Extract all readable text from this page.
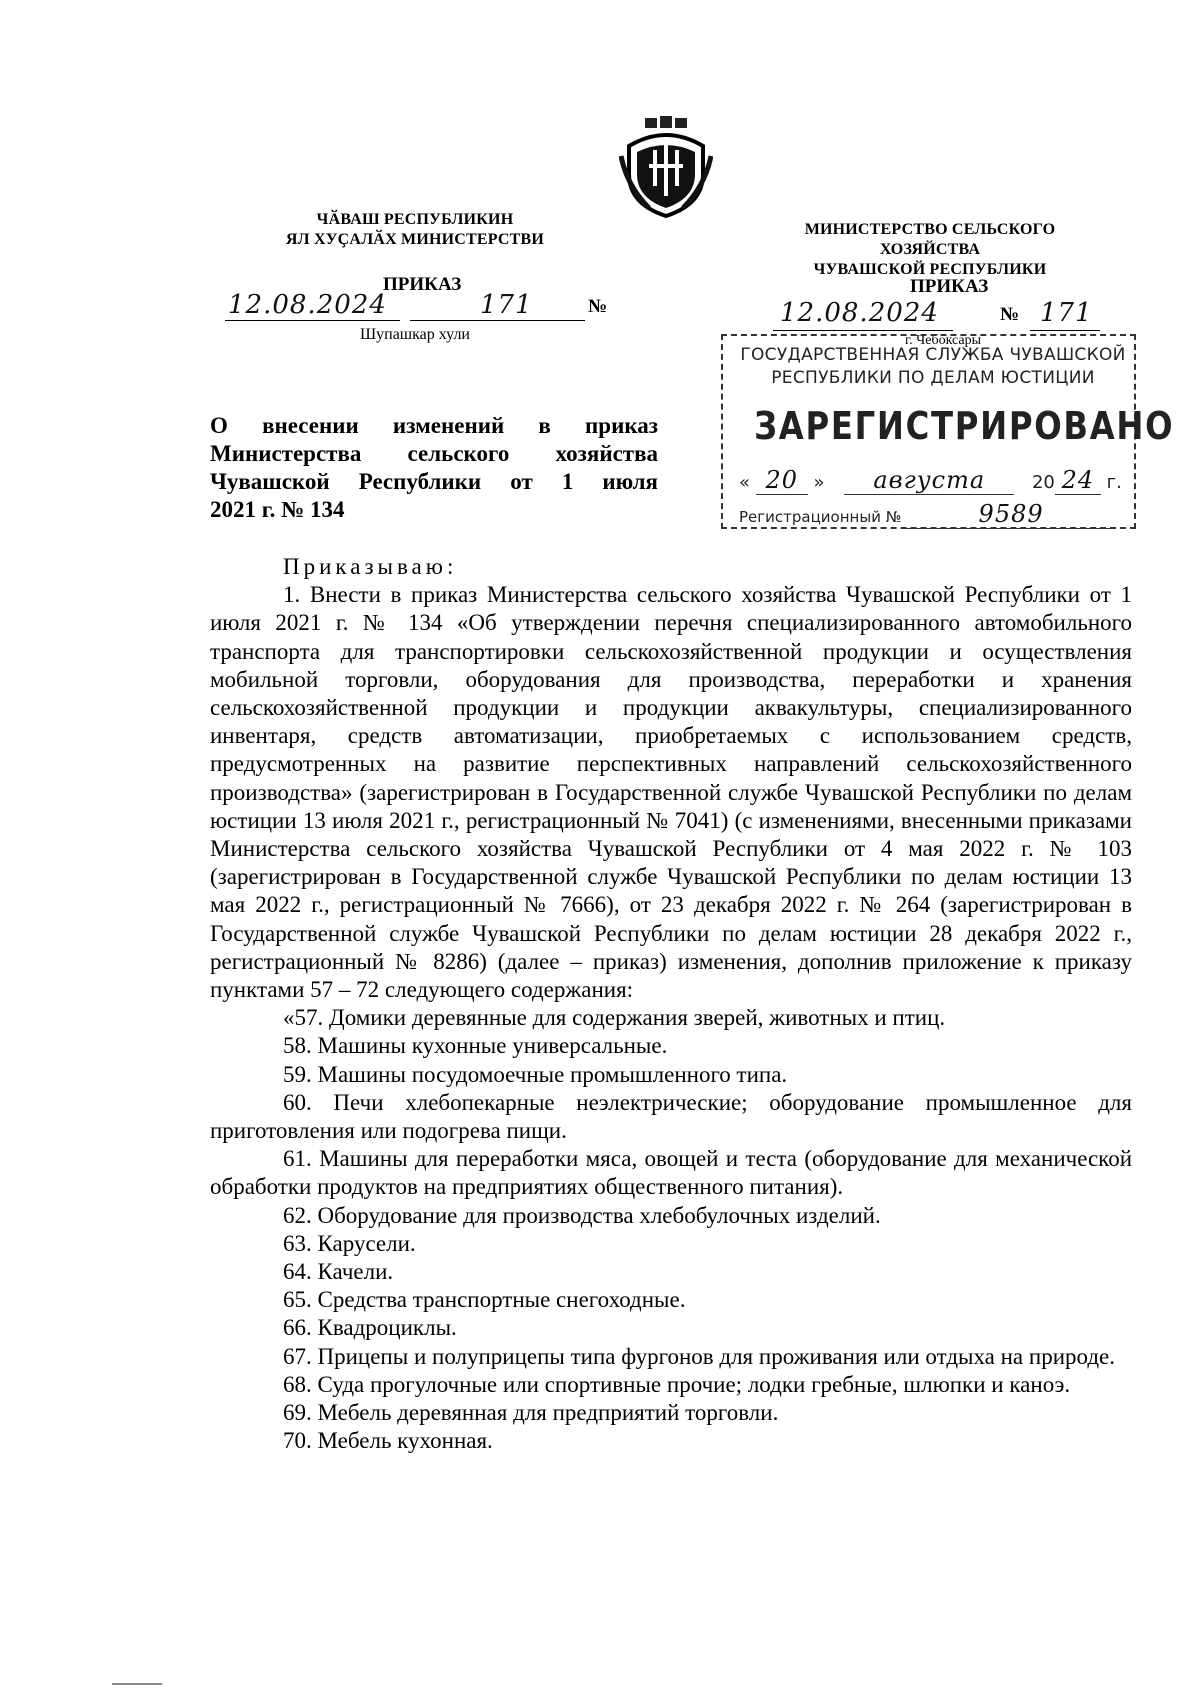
ЧӐВАШ РЕСПУБЛИКИН
ЯЛ ХУҪАЛӐХ МИНИСТЕРСТВИ
ПРИКАЗ
12.08.2024	171	№
Шупашкар хули
МИНИСТЕРСТВО СЕЛЬСКОГО ХОЗЯЙСТВА
ЧУВАШСКОЙ РЕСПУБЛИКИ
ПРИКАЗ
12.08.2024	№ 171
г. Чебоксары
ГОСУДАРСТВЕННАЯ СЛУЖБА ЧУВАШСКОЙ
РЕСПУБЛИКИ ПО ДЕЛАМ ЮСТИЦИИ
ЗАРЕГИСТРИРОВАНО
« 20 » августа	20 24 г.
Регистрационный №	9589
О внесении изменений в приказ
Министерства сельского хозяйства
Чувашской Республики от 1 июля
2021 г. № 134

Приказываю:

1. Внести в приказ Министерства сельского хозяйства Чувашской Республики от 1 июля 2021 г. № 134 «Об утверждении перечня специализированного автомобильного транспорта для транспортировки сельскохозяйственной продукции и осуществления мобильной торговли, оборудования для производства, переработки и хранения сельскохозяйственной продукции и продукции аквакультуры, специализированного инвентаря, средств автоматизации, приобретаемых с использованием средств, предусмотренных на развитие перспективных направлений сельскохозяйственного производства» (зарегистрирован в Государственной службе Чувашской Республики по делам юстиции 13 июля 2021 г., регистрационный № 7041) (с изменениями, внесенными приказами Министерства сельского хозяйства Чувашской Республики от 4 мая 2022 г. № 103 (зарегистрирован в Государственной службе Чувашской Республики по делам юстиции 13 мая 2022 г., регистрационный № 7666), от 23 декабря 2022 г. № 264 (зарегистрирован в Государственной службе Чувашской Республики по делам юстиции 28 декабря 2022 г., регистрационный № 8286) (далее – приказ) изменения, дополнив приложение к приказу пунктами 57 – 72 следующего содержания:

«57. Домики деревянные для содержания зверей, животных и птиц.

58. Машины кухонные универсальные.

59. Машины посудомоечные промышленного типа.

60. Печи хлебопекарные неэлектрические; оборудование промышленное для приготовления или подогрева пищи.

61. Машины для переработки мяса, овощей и теста (оборудование для механической обработки продуктов на предприятиях общественного питания).

62. Оборудование для производства хлебобулочных изделий.

63. Карусели.

64. Качели.

65. Средства транспортные снегоходные.

66. Квадроциклы.

67. Прицепы и полуприцепы типа фургонов для проживания или отдыха на природе.

68. Суда прогулочные или спортивные прочие; лодки гребные, шлюпки и каноэ.

69. Мебель деревянная для предприятий торговли.

70. Мебель кухонная.
